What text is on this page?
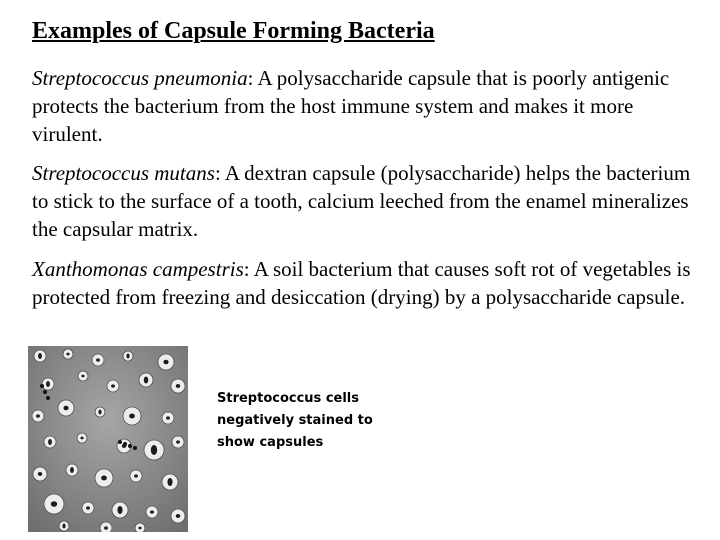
Examples of Capsule Forming Bacteria
Streptococcus pneumonia: A polysaccharide capsule that is poorly antigenic protects the bacterium from the host immune system and makes it more virulent.
Streptococcus mutans: A dextran capsule (polysaccharide) helps the bacterium to stick to the surface of a tooth, calcium leeched from the enamel mineralizes the capsular matrix.
Xanthomonas campestris: A soil bacterium that causes soft rot of vegetables is protected from freezing and desiccation (drying) by a polysaccharide capsule.
Streptococcus cells negatively stained to show capsules
